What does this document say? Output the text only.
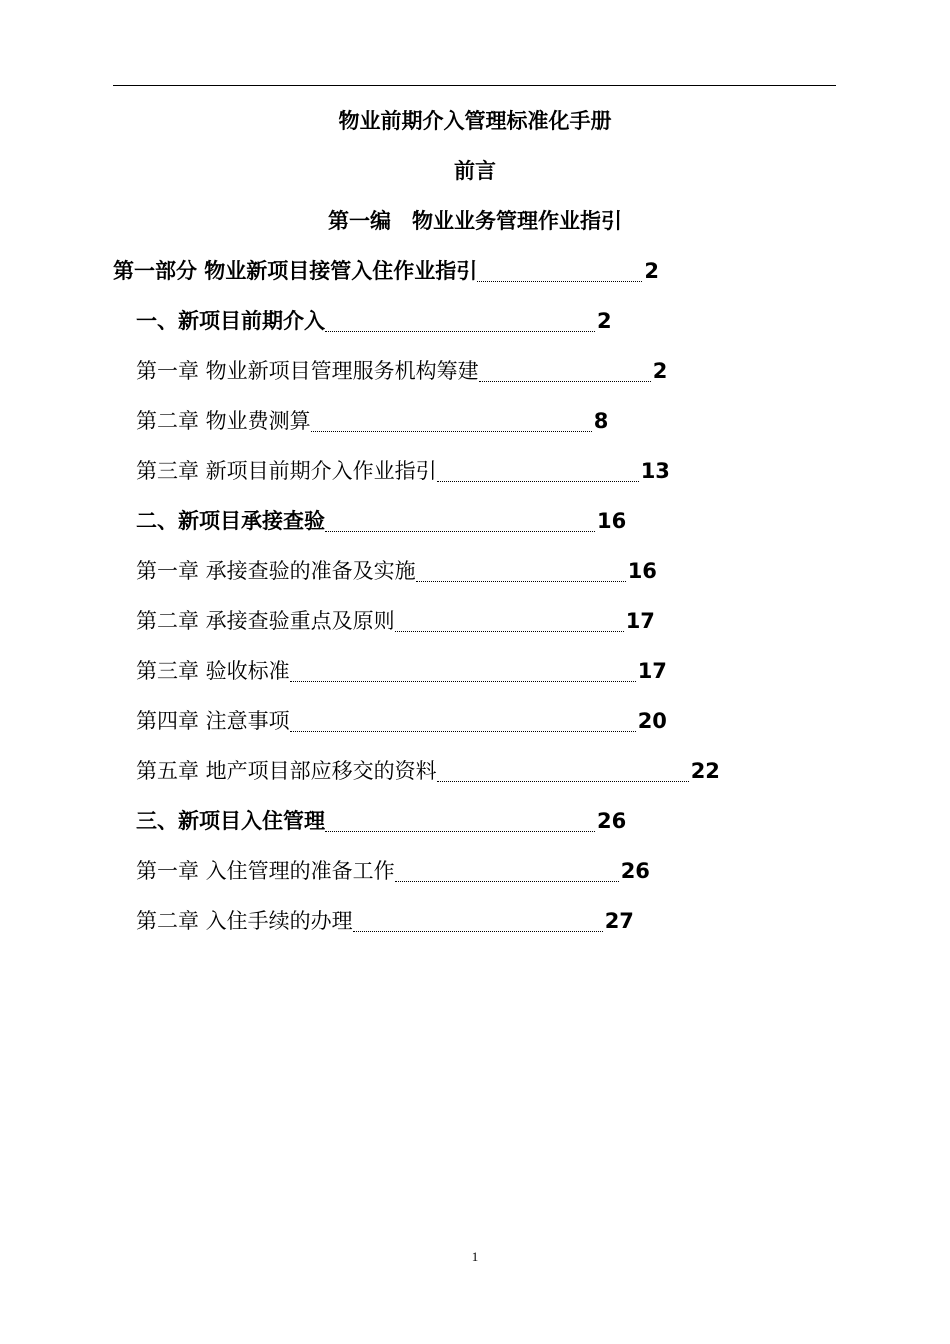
物业前期介入管理标准化手册
前言
第一编　物业业务管理作业指引
第一部分 物业新项目接管入住作业指引	2
一、新项目前期介入	2
第一章 物业新项目管理服务机构筹建	2
第二章 物业费测算	8
第三章 新项目前期介入作业指引	13
二、新项目承接查验	16
第一章 承接查验的准备及实施	16
第二章 承接查验重点及原则	17
第三章 验收标准	17
第四章 注意事项	20
第五章 地产项目部应移交的资料	22
三、新项目入住管理	26
第一章 入住管理的准备工作	26
第二章 入住手续的办理	27
1
